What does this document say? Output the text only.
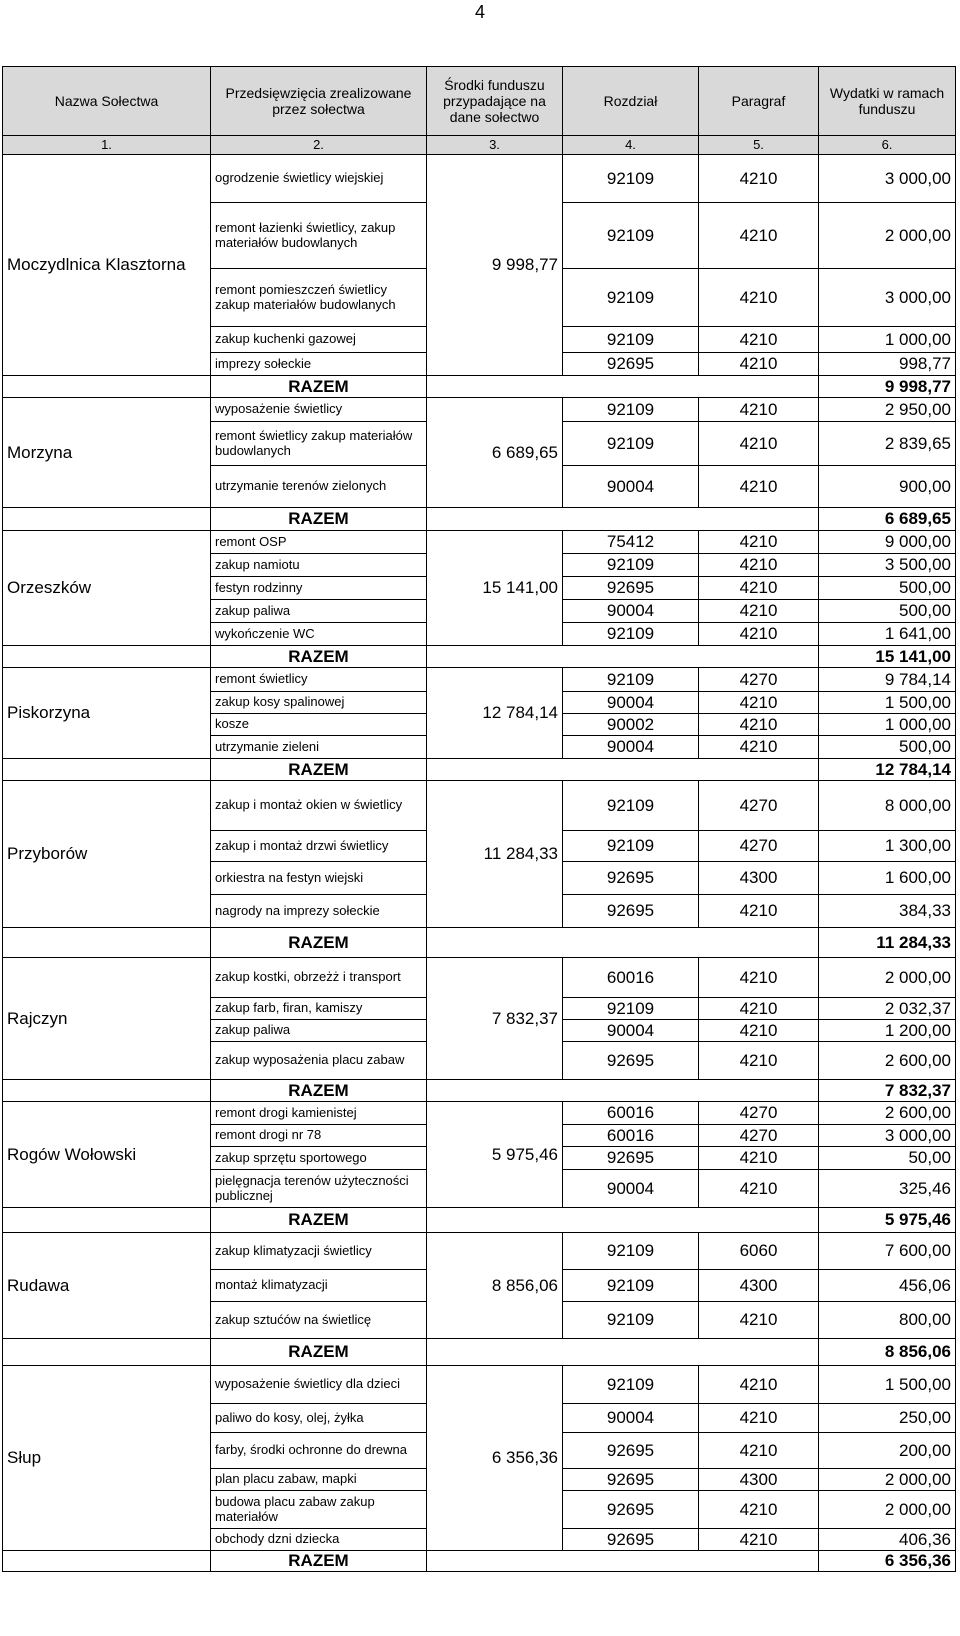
4
Nazwa Sołectwa	Przedsięwzięcia zrealizowane przez sołectwa	Środki funduszu przypadające na dane sołectwo	Rozdział	Paragraf	Wydatki w ramach funduszu
1.	2.	3.	4.	5.	6.
Moczydlnica Klasztorna	ogrodzenie świetlicy wiejskiej	9 998,77	92109	4210	3 000,00
	remont łazienki świetlicy, zakup materiałów budowlanych		92109	4210	2 000,00
	remont pomieszczeń świetlicy zakup materiałów budowlanych		92109	4210	3 000,00
	zakup kuchenki gazowej		92109	4210	1 000,00
	imprezy sołeckie		92695	4210	998,77
	RAZEM				9 998,77
Morzyna	wyposażenie świetlicy	6 689,65	92109	4210	2 950,00
	remont świetlicy zakup materiałów budowlanych		92109	4210	2 839,65
	utrzymanie terenów zielonych		90004	4210	900,00
	RAZEM				6 689,65
Orzeszków	remont OSP	15 141,00	75412	4210	9 000,00
	zakup namiotu		92109	4210	3 500,00
	festyn rodzinny		92695	4210	500,00
	zakup paliwa		90004	4210	500,00
	wykończenie WC		92109	4210	1 641,00
	RAZEM				15 141,00
Piskorzyna	remont świetlicy	12 784,14	92109	4270	9 784,14
	zakup kosy spalinowej		90004	4210	1 500,00
	kosze		90002	4210	1 000,00
	utrzymanie zieleni		90004	4210	500,00
	RAZEM				12 784,14
Przyborów	zakup i montaż okien w świetlicy	11 284,33	92109	4270	8 000,00
	zakup i montaż drzwi świetlicy		92109	4270	1 300,00
	orkiestra na festyn wiejski		92695	4300	1 600,00
	nagrody na imprezy sołeckie		92695	4210	384,33
	RAZEM				11 284,33
Rajczyn	zakup kostki, obrzeżż i transport	7 832,37	60016	4210	2 000,00
	zakup farb, firan, kamiszy		92109	4210	2 032,37
	zakup paliwa		90004	4210	1 200,00
	zakup wyposażenia placu zabaw		92695	4210	2 600,00
	RAZEM				7 832,37
Rogów Wołowski	remont drogi kamienistej	5 975,46	60016	4270	2 600,00
	remont drogi nr 78		60016	4270	3 000,00
	zakup sprzętu sportowego		92695	4210	50,00
	pielęgnacja terenów użyteczności publicznej		90004	4210	325,46
	RAZEM				5 975,46
Rudawa	zakup klimatyzacji świetlicy	8 856,06	92109	6060	7 600,00
	montaż klimatyzacji		92109	4300	456,06
	zakup sztućów na świetlicę		92109	4210	800,00
	RAZEM				8 856,06
Słup	wyposażenie świetlicy dla dzieci	6 356,36	92109	4210	1 500,00
	paliwo do kosy, olej, żyłka		90004	4210	250,00
	farby, środki ochronne do drewna		92695	4210	200,00
	plan placu zabaw, mapki		92695	4300	2 000,00
	budowa placu zabaw zakup materiałów		92695	4210	2 000,00
	obchody dzni dziecka		92695	4210	406,36
	RAZEM				6 356,36
